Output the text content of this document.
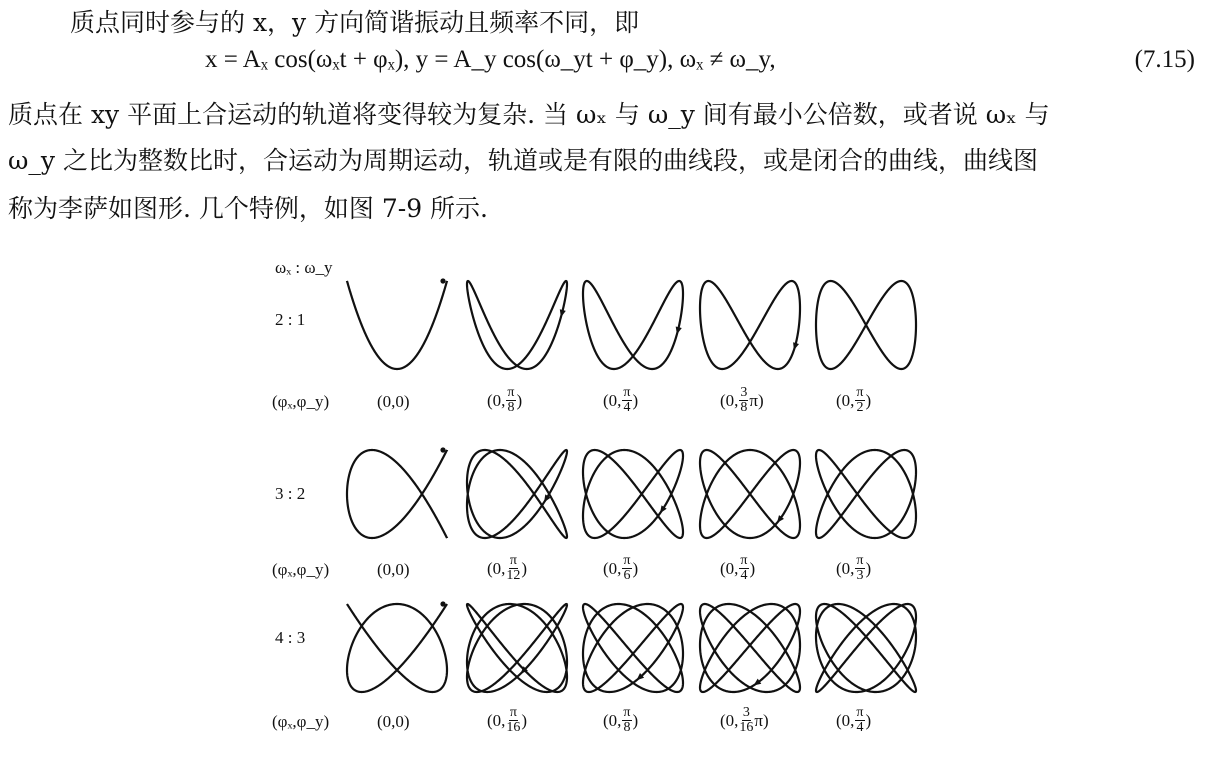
质点同时参与的 x，y 方向简谐振动且频率不同，即
x = Aₓ cos(ωₓt + φₓ), y = A_y cos(ω_yt + φ_y), ωₓ ≠ ω_y,	(7.15)
质点在 xy 平面上合运动的轨道将变得较为复杂. 当 ωₓ 与 ω_y 间有最小公倍数，或者说 ωₓ 与
ω_y 之比为整数比时，合运动为周期运动，轨道或是有限的曲线段，或是闭合的曲线，曲线图
称为李萨如图形. 几个特例，如图 7-9 所示.
ωₓ : ω_y
2 : 1
(φₓ,φ_y)	(0,0)	(0, $\frac{\pi}{8}$ )	(0, $\frac{\pi}{4}$ )	(0, $\frac{3}{8} \pi$)	(0, $\frac{\pi}{2}$ )
3 : 2
(φₓ,φ_y)	(0,0)	(0, $\frac{\pi}{12}$ )	(0, $\frac{\pi}{6}$ )	(0, $\frac{\pi}{4}$ )	(0, $\frac{\pi}{3}$ )
4 : 3
(φₓ,φ_y)	(0,0)	(0, $\frac{\pi}{16}$ )	(0, $\frac{\pi}{8}$ )	(0, $\frac{3}{16} \pi$)	(0, $\frac{\pi}{4}$ )
